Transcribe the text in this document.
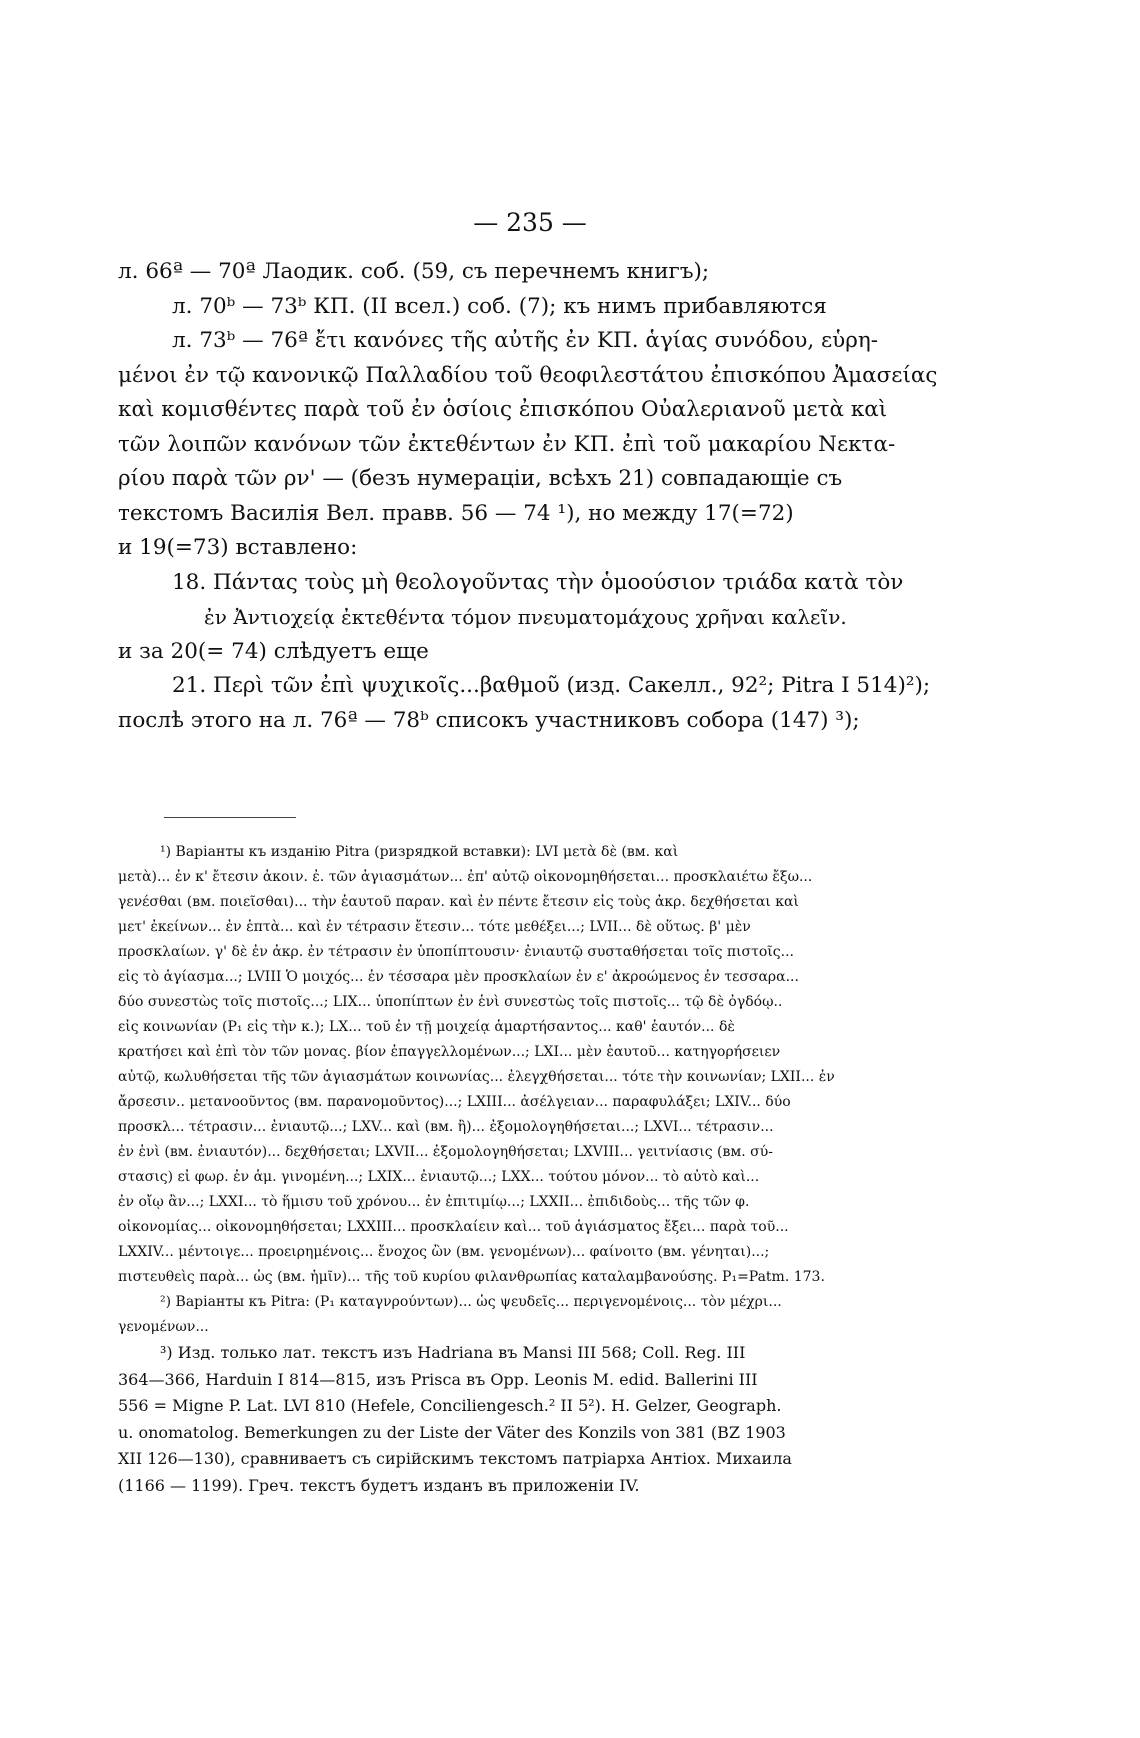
— 235 —
л. 66ª — 70ª Лаодик. соб. (59, съ перечнемъ книгъ);
л. 70ᵇ — 73ᵇ КП. (II всел.) соб. (7); къ нимъ прибавляются
л. 73ᵇ — 76ª ἔτι κανόνες τῆς αὐτῆς ἐν ΚΠ. ἁγίας συνόδου, εὑρη-
μένοι ἐν τῷ κανονικῷ Παλλαδίου τοῦ θεοφιλεστάτου ἐπισκόπου Ἀμασείας
καὶ κομισθέντες παρὰ τοῦ ἐν ὁσίοις ἐπισκόπου Οὐαλεριανοῦ μετὰ καὶ
τῶν λοιπῶν κανόνων τῶν ἐκτεθέντων ἐν ΚΠ. ἐπὶ τοῦ μακαρίου Νεκτα-
ρίου παρὰ τῶν ρν' — (безъ нумераціи, всѣхъ 21) совпадающіе съ
текстомъ Василія Вел. правв. 56 — 74 ¹), но между 17(=72)
и 19(=73) вставлено:
18. Πάντας τοὺς μὴ θεολογοῦντας τὴν ὁμοούσιον τριάδα κατὰ τὸν
ἐν Ἀντιοχείᾳ ἐκτεθέντα τόμον πνευματομάχους χρῆναι καλεῖν.
и за 20(= 74) слѣдуетъ еще
21. Περὶ τῶν ἐπὶ ψυχικοῖς...βαθμοῦ (изд. Сакелл., 92²; Pitra I 514)²);
послѣ этого на л. 76ª — 78ᵇ списокъ участниковъ собора (147) ³);
¹) Варіанты къ изданію Pitra (ризрядкой вставки): LVI μετὰ δὲ (вм. καὶ
μετὰ)... ἐν κ' ἔτεσιν ἀκοιν. ἐ. τῶν ἁγιασμάτων... ἐπ' αὐτῷ οἰκονομηθήσεται... προσκλαιέτω ἔξω...
γενέσθαι (вм. ποιεῖσθαι)... τὴν ἑαυτοῦ παραν. καὶ ἐν πέντε ἔτεσιν εἰς τοὺς ἀκρ. δεχθήσεται καὶ
μετ' ἐκείνων... ἐν ἑπτὰ... καὶ ἐν τέτρασιν ἔτεσιν... τότε μεθέξει...; LVII... δὲ οὕτως. β' μὲν
προσκλαίων. γ' δὲ ἐν ἀκρ. ἐν τέτρασιν ἐν ὑποπίπτουσιν· ἐνιαυτῷ συσταθήσεται τοῖς πιστοῖς...
εἰς τὸ ἁγίασμα...; LVIII Ὁ μοιχός... ἐν τέσσαρα μὲν προσκλαίων ἐν ε' ἀκροώμενος ἐν τεσσαρα...
δύο συνεστὼς τοῖς πιστοῖς...; LIX... ὑποπίπτων ἐν ἑνὶ συνεστὼς τοῖς πιστοῖς... τῷ δὲ ὀγδόῳ..
εἰς κοινωνίαν (P₁ εἰς τὴν κ.); LX... τοῦ ἐν τῇ μοιχείᾳ ἁμαρτήσαντος... καθ' ἑαυτόν... δὲ
κρατήσει καὶ ἐπὶ τὸν τῶν μονας. βίον ἐπαγγελλομένων...; LXI... μὲν ἑαυτοῦ... κατηγορήσειεν
αὐτῷ, κωλυθήσεται τῆς τῶν ἁγιασμάτων κοινωνίας... ἐλεγχθήσεται... τότε τὴν κοινωνίαν; LXII... ἐν
ἄρσεσιν.. μετανοοῦντος (вм. παρανομοῦντος)...; LXIII... ἀσέλγειαν... παραφυλάξει; LXIV... δύο
προσκλ... τέτρασιν... ἐνιαυτῷ...; LXV... καὶ (вм. ἢ)... ἐξομολογηθήσεται...; LXVI... τέτρασιν...
ἐν ἑνὶ (вм. ἐνιαυτόν)... δεχθήσεται; LXVII... ἐξομολογηθήσεται; LXVIII... γειτνίασις (вм. σύ-
στασις) εἰ φωρ. ἐν ἁμ. γινομένη...; LXIX... ἐνιαυτῷ...; LXX... τούτου μόνον... τὸ αὐτὸ καὶ...
ἐν οἴῳ ἂν...; LXXI... τὸ ἥμισυ τοῦ χρόνου... ἐν ἐπιτιμίῳ...; LXXII... ἐπιδιδοὺς... τῆς τῶν φ.
οἰκονομίας... οἰκονομηθήσεται; LXXIII... προσκλαίειν καὶ... τοῦ ἁγιάσματος ἔξει... παρὰ τοῦ...
LXXIV... μέντοιγε... προειρημένοις... ἔνοχος ὢν (вм. γενομένων)... φαίνοιτο (вм. γένηται)...;
πιστευθεὶς παρὰ... ὡς (вм. ἡμῖν)... τῆς τοῦ κυρίου φιλανθρωπίας καταλαμβανούσης. P₁=Patm. 173.
²) Варіанты къ Pitra: (P₁ καταγνρούντων)... ὡς ψευδεῖς... περιγενομένοις... τὸν μέχρι...
γενομένων...
³) Изд. только лат. текстъ изъ Hadriana въ Mansi III 568; Coll. Reg. III
364—366, Harduin I 814—815, изъ Prisca въ Opp. Leonis M. edid. Ballerini III
556 = Migne P. Lat. LVI 810 (Hefele, Conciliengesch.² II 5²). H. Gelzer, Geograph.
u. onomatolog. Bemerkungen zu der Liste der Väter des Konzils von 381 (BZ 1903
XII 126—130), сравниваетъ съ сирійскимъ текстомъ патріарха Антіох. Михаила
(1166 — 1199). Греч. текстъ будетъ изданъ въ приложеніи IV.
